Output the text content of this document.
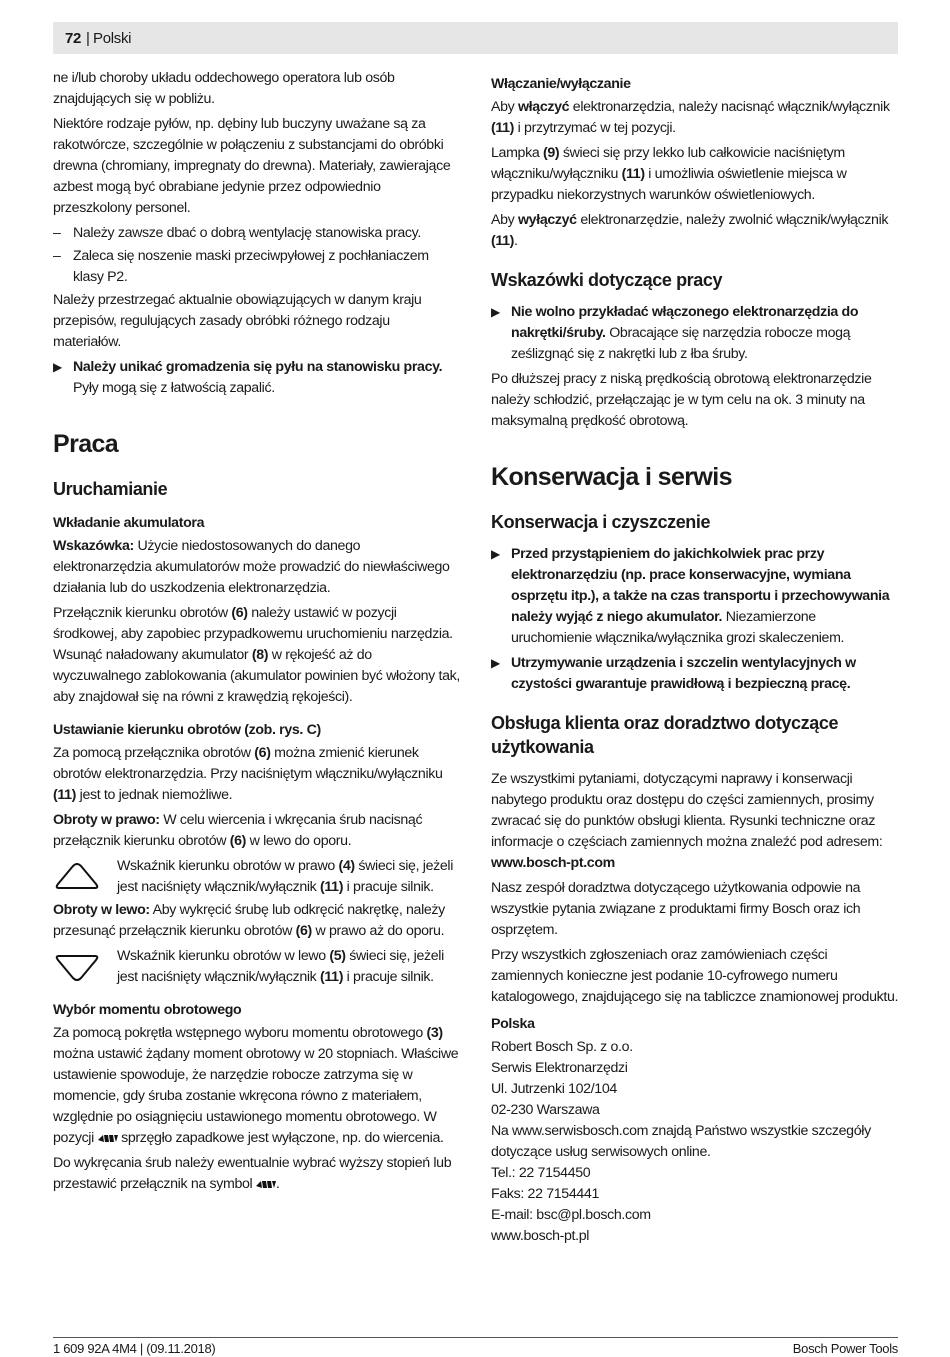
72 | Polski
ne i/lub choroby układu oddechowego operatora lub osób znajdujących się w pobliżu.
Niektóre rodzaje pyłów, np. dębiny lub buczyny uważane są za rakotwórcze, szczególnie w połączeniu z substancjami do obróbki drewna (chromiany, impregnaty do drewna). Materiały, zawierające azbest mogą być obrabiane jedynie przez odpowiednio przeszkolony personel.
– Należy zawsze dbać o dobrą wentylację stanowiska pracy.
– Zaleca się noszenie maski przeciwpyłowej z pochłaniaczem klasy P2.
Należy przestrzegać aktualnie obowiązujących w danym kraju przepisów, regulujących zasady obróbki różnego rodzaju materiałów.
▶ Należy unikać gromadzenia się pyłu na stanowisku pracy. Pyły mogą się z łatwością zapalić.
Praca
Uruchamianie
Wkładanie akumulatora
Wskazówka: Użycie niedostosowanych do danego elektronarzędzia akumulatorów może prowadzić do niewłaściwego działania lub do uszkodzenia elektronarzędzia.
Przełącznik kierunku obrotów (6) należy ustawić w pozycji środkowej, aby zapobiec przypadkowemu uruchomieniu narzędzia. Wsunąć naładowany akumulator (8) w rękojeść aż do wyczuwalnego zablokowania (akumulator powinien być włożony tak, aby znajdował się na równi z krawędzią rękojeści).
Ustawianie kierunku obrotów (zob. rys. C)
Za pomocą przełącznika obrotów (6) można zmienić kierunek obrotów elektronarzędzia. Przy naciśniętym włączniku/wyłączniku (11) jest to jednak niemożliwe.
Obroty w prawo: W celu wiercenia i wkręcania śrub nacisnąć przełącznik kierunku obrotów (6) w lewo do oporu.
Wskaźnik kierunku obrotów w prawo (4) świeci się, jeżeli jest naciśnięty włącznik/wyłącznik (11) i pracuje silnik.
Obroty w lewo: Aby wykręcić śrubę lub odkręcić nakrętkę, należy przesunąć przełącznik kierunku obrotów (6) w prawo aż do oporu.
Wskaźnik kierunku obrotów w lewo (5) świeci się, jeżeli jest naciśnięty włącznik/wyłącznik (11) i pracuje silnik.
Wybór momentu obrotowego
Za pomocą pokrętła wstępnego wyboru momentu obrotowego (3) można ustawić żądany moment obrotowy w 20 stopniach. Właściwe ustawienie spowoduje, że narzędzie robocze zatrzyma się w momencie, gdy śruba zostanie wkręcona równo z materiałem, względnie po osiągnięciu ustawionego momentu obrotowego. W pozycji  sprzęgło zapadkowe jest wyłączone, np. do wiercenia.
Do wykręcania śrub należy ewentualnie wybrać wyższy stopień lub przestawić przełącznik na symbol .
Włączanie/wyłączanie
Aby włączyć elektronarzędzia, należy nacisnąć włącznik/wyłącznik (11) i przytrzymać w tej pozycji.
Lampka (9) świeci się przy lekko lub całkowicie naciśniętym włączniku/wyłączniku (11) i umożliwia oświetlenie miejsca w przypadku niekorzystnych warunków oświetleniowych.
Aby wyłączyć elektronarzędzie, należy zwolnić włącznik/wyłącznik (11).
Wskazówki dotyczące pracy
▶ Nie wolno przykładać włączonego elektronarzędzia do nakrętki/śruby. Obracające się narzędzia robocze mogą ześlizgnąć się z nakrętki lub z łba śruby.
Po dłuższej pracy z niską prędkością obrotową elektronarzędzie należy schłodzić, przełączając je w tym celu na ok. 3 minuty na maksymalną prędkość obrotową.
Konserwacja i serwis
Konserwacja i czyszczenie
▶ Przed przystąpieniem do jakichkolwiek prac przy elektronarzędziu (np. prace konserwacyjne, wymiana osprzętu itp.), a także na czas transportu i przechowywania należy wyjąć z niego akumulator. Niezamierzone uruchomienie włącznika/wyłącznika grozi skaleczeniem.
▶ Utrzymywanie urządzenia i szczelin wentylacyjnych w czystości gwarantuje prawidłową i bezpieczną pracę.
Obsługa klienta oraz doradztwo dotyczące użytkowania
Ze wszystkimi pytaniami, dotyczącymi naprawy i konserwacji nabytego produktu oraz dostępu do części zamiennych, prosimy zwracać się do punktów obsługi klienta. Rysunki techniczne oraz informacje o częściach zamiennych można znaleźć pod adresem: www.bosch-pt.com
Nasz zespół doradztwa dotyczącego użytkowania odpowie na wszystkie pytania związane z produktami firmy Bosch oraz ich osprzętem.
Przy wszystkich zgłoszeniach oraz zamówieniach części zamiennych konieczne jest podanie 10-cyfrowego numeru katalogowego, znajdującego się na tabliczce znamionowej produktu.
Polska
Robert Bosch Sp. z o.o.
Serwis Elektronarzędzi
Ul. Jutrzenki 102/104
02-230 Warszawa
Na www.serwisbosch.com znajdą Państwo wszystkie szczegóły dotyczące usług serwisowych online.
Tel.: 22 7154450
Faks: 22 7154441
E-mail: bsc@pl.bosch.com
www.bosch-pt.pl
1 609 92A 4M4 | (09.11.2018)	Bosch Power Tools
